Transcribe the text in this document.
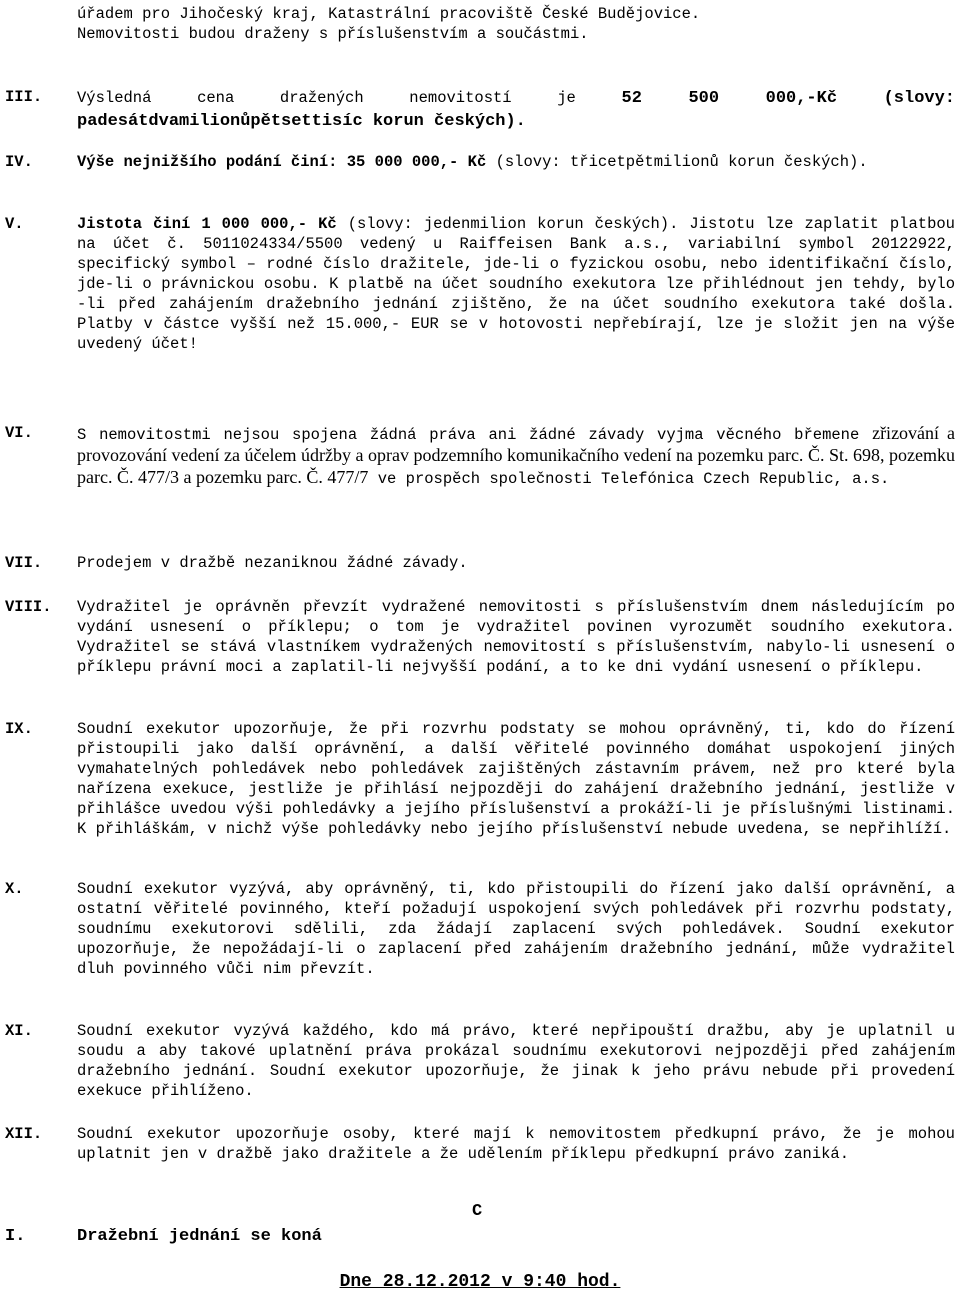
úřadem pro Jihočeský kraj, Katastrální pracoviště České Budějovice.
Nemovitosti budou draženy s příslušenstvím a součástmi.
III. Výsledná cena dražených nemovitostí je 52 500 000,-Kč (slovy: padesátdvamilionůpětsettisíc korun českých).
IV.	Výše nejnižšího podání činí: 35 000 000,- Kč (slovy: třicetpětmilionů korun českých).
V.	Jistota činí 1 000 000,- Kč (slovy: jedenmilion korun českých). Jistotu lze zaplatit platbou na účet č. 5011024334/5500 vedený u Raiffeisen Bank a.s., variabilní symbol 20122922, specifický symbol – rodné číslo dražitele, jde-li o fyzickou osobu, nebo identifikační číslo, jde-li o právnickou osobu. K platbě na účet soudního exekutora lze přihlédnout jen tehdy, bylo -li před zahájením dražebního jednání zjištěno, že na účet soudního exekutora také došla. Platby v částce vyšší než 15.000,- EUR se v hotovosti nepřebírají, lze je složit jen na výše uvedený účet!
VI.	S nemovitostmi nejsou spojena žádná práva ani žádné závady vyjma věcného břemene zřizování a provozování vedení za účelem údržby a oprav podzemního komunikačního vedení na pozemku parc. Č. St. 698, pozemku parc. Č. 477/3 a pozemku parc. Č. 477/7 ve prospěch společnosti Telefónica Czech Republic, a.s.
VII. Prodejem v dražbě nezaniknou žádné závady.
VIII. Vydražitel je oprávněn převzít vydražené nemovitosti s příslušenstvím dnem následujícím po vydání usnesení o příklepu; o tom je vydražitel povinen vyrozumět soudního exekutora. Vydražitel se stává vlastníkem vydražených nemovitostí s příslušenstvím, nabylo-li usnesení o příklepu právní moci a zaplatil-li nejvyšší podání, a to ke dni vydání usnesení o příklepu.
IX.	Soudní exekutor upozorňuje, že při rozvrhu podstaty se mohou oprávněný, ti, kdo do řízení přistoupili jako další oprávnění, a další věřitelé povinného domáhat uspokojení jiných vymahatelných pohledávek nebo pohledávek zajištěných zástavním právem, než pro které byla nařízena exekuce, jestliže je přihlásí nejpozději do zahájení dražebního jednání, jestliže v přihlášce uvedou výši pohledávky a jejího příslušenství a prokáží-li je příslušnými listinami. K přihláškám, v nichž výše pohledávky nebo jejího příslušenství nebude uvedena, se nepřihlíží.
X.	Soudní exekutor vyzývá, aby oprávněný, ti, kdo přistoupili do řízení jako další oprávnění, a ostatní věřitelé povinného, kteří požadují uspokojení svých pohledávek při rozvrhu podstaty, soudnímu exekutorovi sdělili, zda žádají zaplacení svých pohledávek. Soudní exekutor upozorňuje, že nepožádají-li o zaplacení před zahájením dražebního jednání, může vydražitel dluh povinného vůči nim převzít.
XI.	Soudní exekutor vyzývá každého, kdo má právo, které nepřipouští dražbu, aby je uplatnil u soudu a aby takové uplatnění práva prokázal soudnímu exekutorovi nejpozději před zahájením dražebního jednání. Soudní exekutor upozorňuje, že jinak k jeho právu nebude při provedení exekuce přihlíženo.
XII. Soudní exekutor upozorňuje osoby, které mají k nemovitostem předkupní právo, že je mohou uplatnit jen v dražbě jako dražitele a že udělením příklepu předkupní právo zaniká.
C
I.	Dražební jednání se koná
Dne 28.12.2012 v 9:40 hod.
